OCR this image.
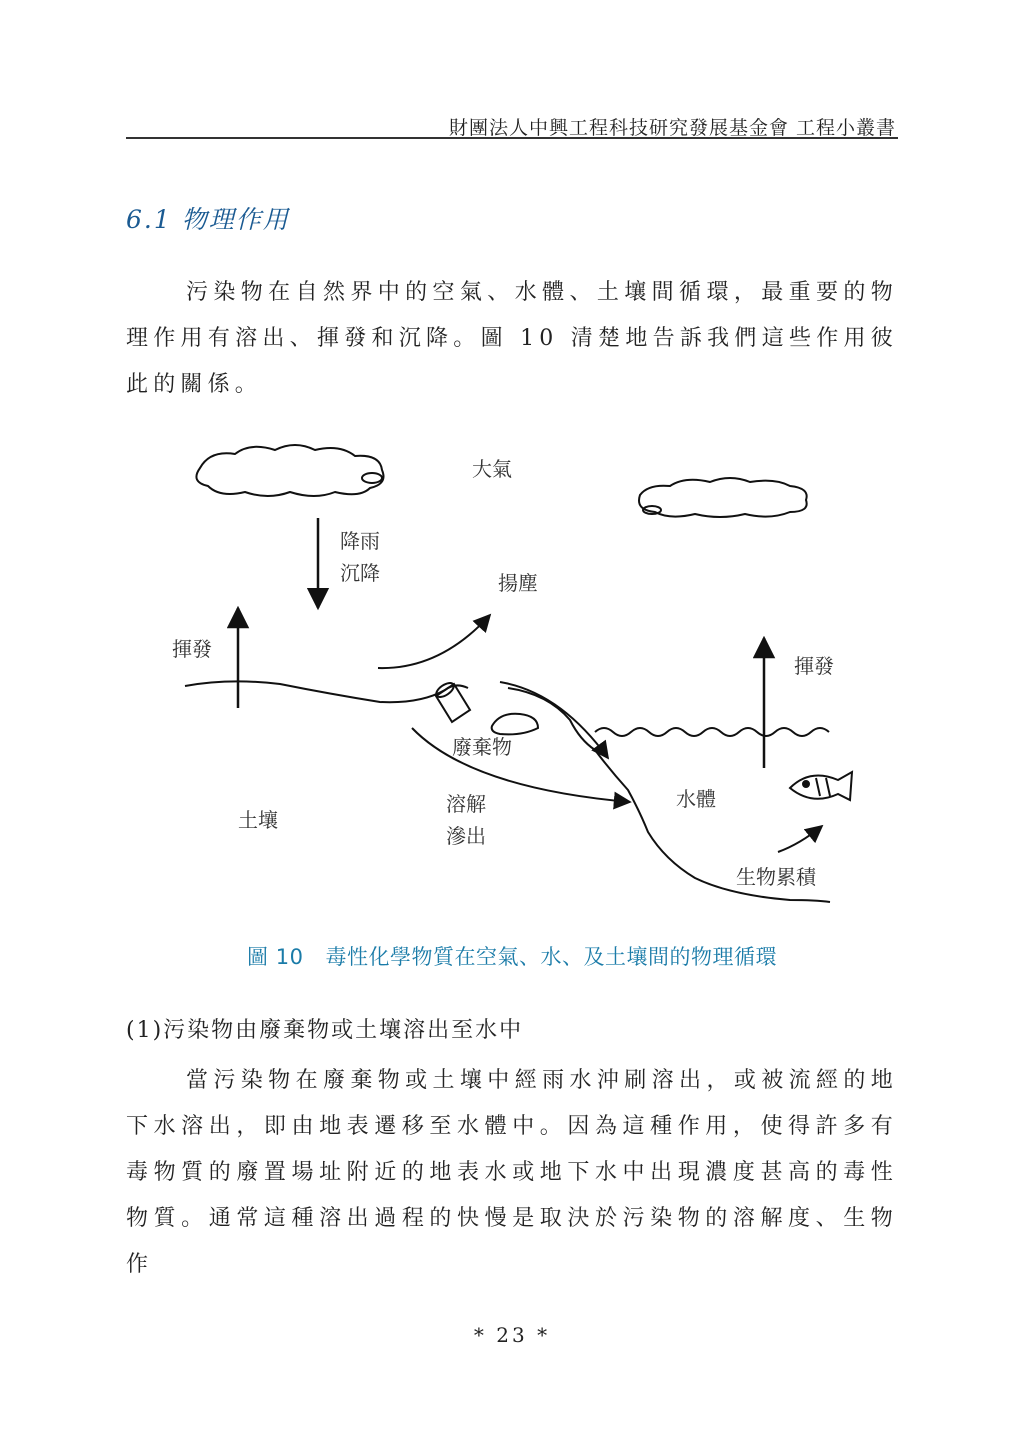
財團法人中興工程科技研究發展基金會 工程小叢書
6.1 物理作用
污染物在自然界中的空氣、水體、土壤間循環，最重要的物理作用有溶出、揮發和沉降。圖 10 清楚地告訴我們這些作用彼此的關係。
大氣
降雨
沉降	揚塵
揮發
揮發
廢棄物
溶解
滲出
水體
土壤
生物累積
圖 10 毒性化學物質在空氣、水、及土壤間的物理循環
(1)污染物由廢棄物或土壤溶出至水中
當污染物在廢棄物或土壤中經雨水沖刷溶出，或被流經的地下水溶出，即由地表遷移至水體中。因為這種作用，使得許多有毒物質的廢置場址附近的地表水或地下水中出現濃度甚高的毒性物質。通常這種溶出過程的快慢是取決於污染物的溶解度、生物作
* 23 *
